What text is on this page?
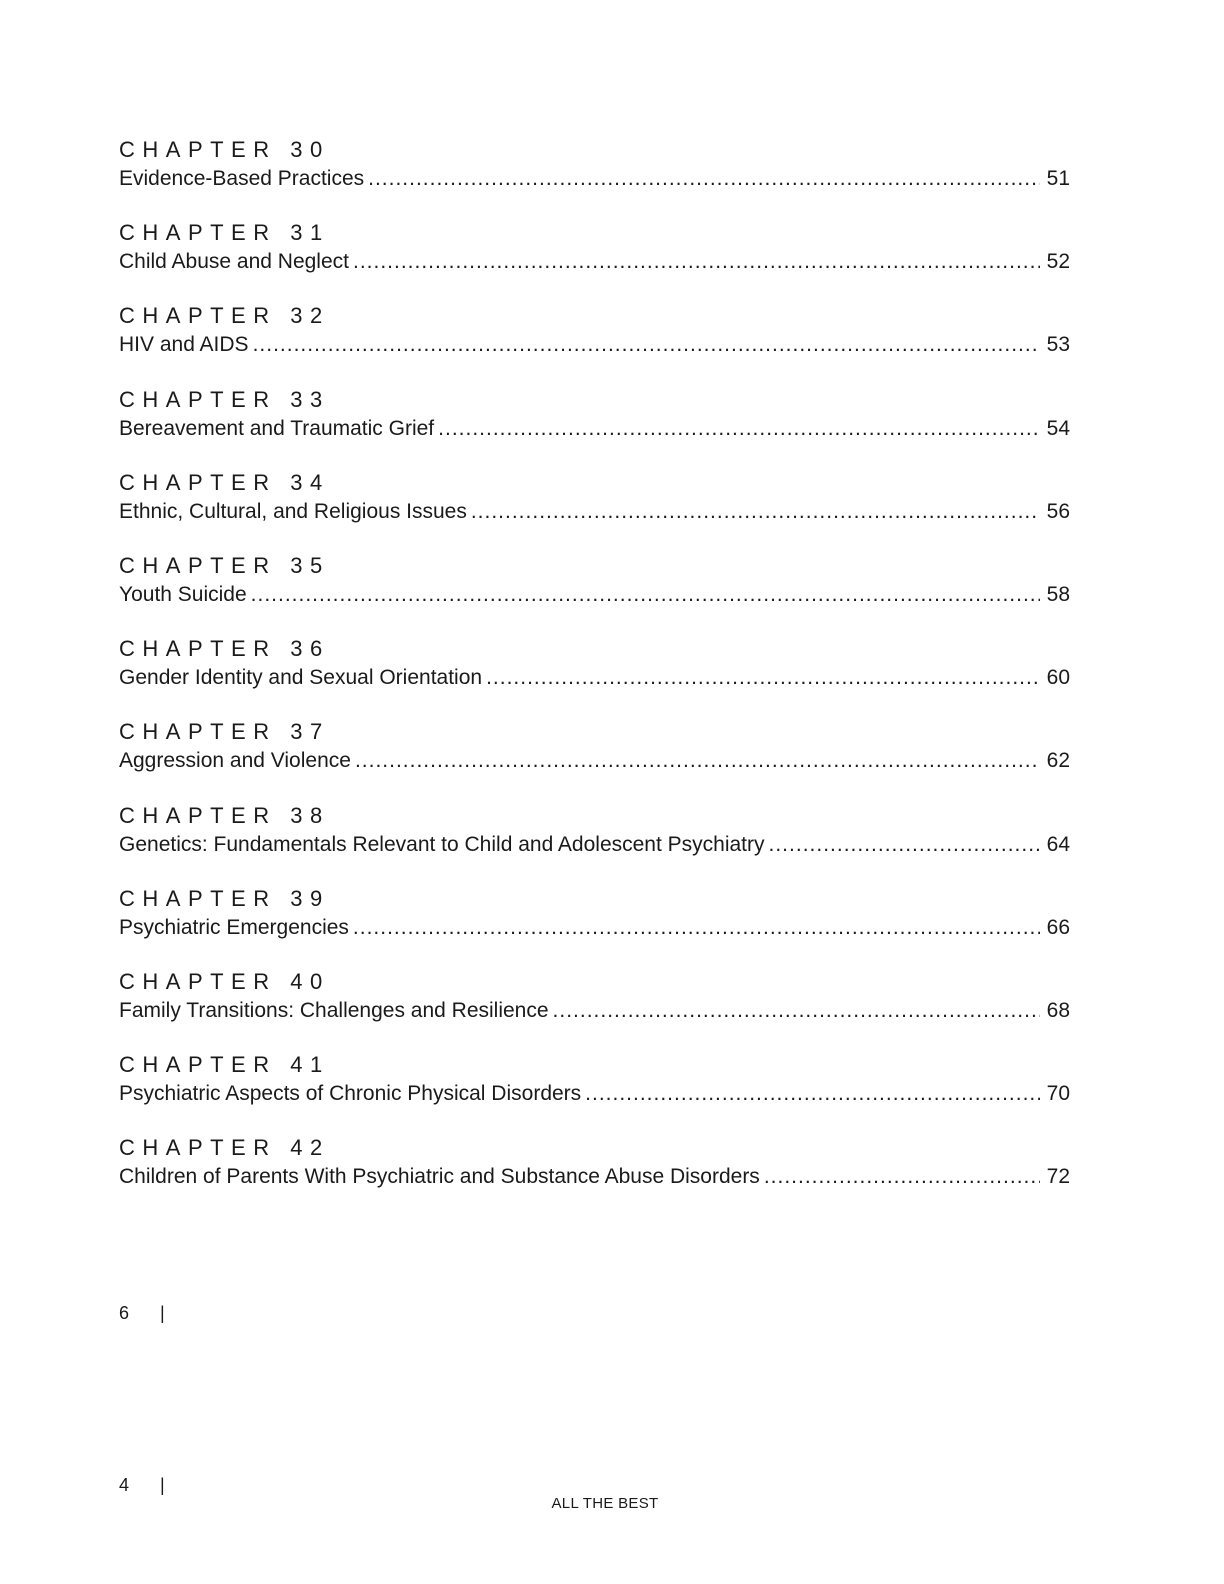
CHAPTER 30
Evidence-Based Practices .....	51
CHAPTER 31
Child Abuse and Neglect .....	52
CHAPTER 32
HIV and AIDS .....	53
CHAPTER 33
Bereavement and Traumatic Grief .....	54
CHAPTER 34
Ethnic, Cultural, and Religious Issues .....	56
CHAPTER 35
Youth Suicide .....	58
CHAPTER 36
Gender Identity and Sexual Orientation .....	60
CHAPTER 37
Aggression and Violence .....	62
CHAPTER 38
Genetics: Fundamentals Relevant to Child and Adolescent Psychiatry .....	64
CHAPTER 39
Psychiatric Emergencies .....	66
CHAPTER 40
Family Transitions: Challenges and Resilience .....	68
CHAPTER 41
Psychiatric Aspects of Chronic Physical Disorders .....	70
CHAPTER 42
Children of Parents With Psychiatric and Substance Abuse Disorders .....	72
6 |
4 |
ALL THE BEST
